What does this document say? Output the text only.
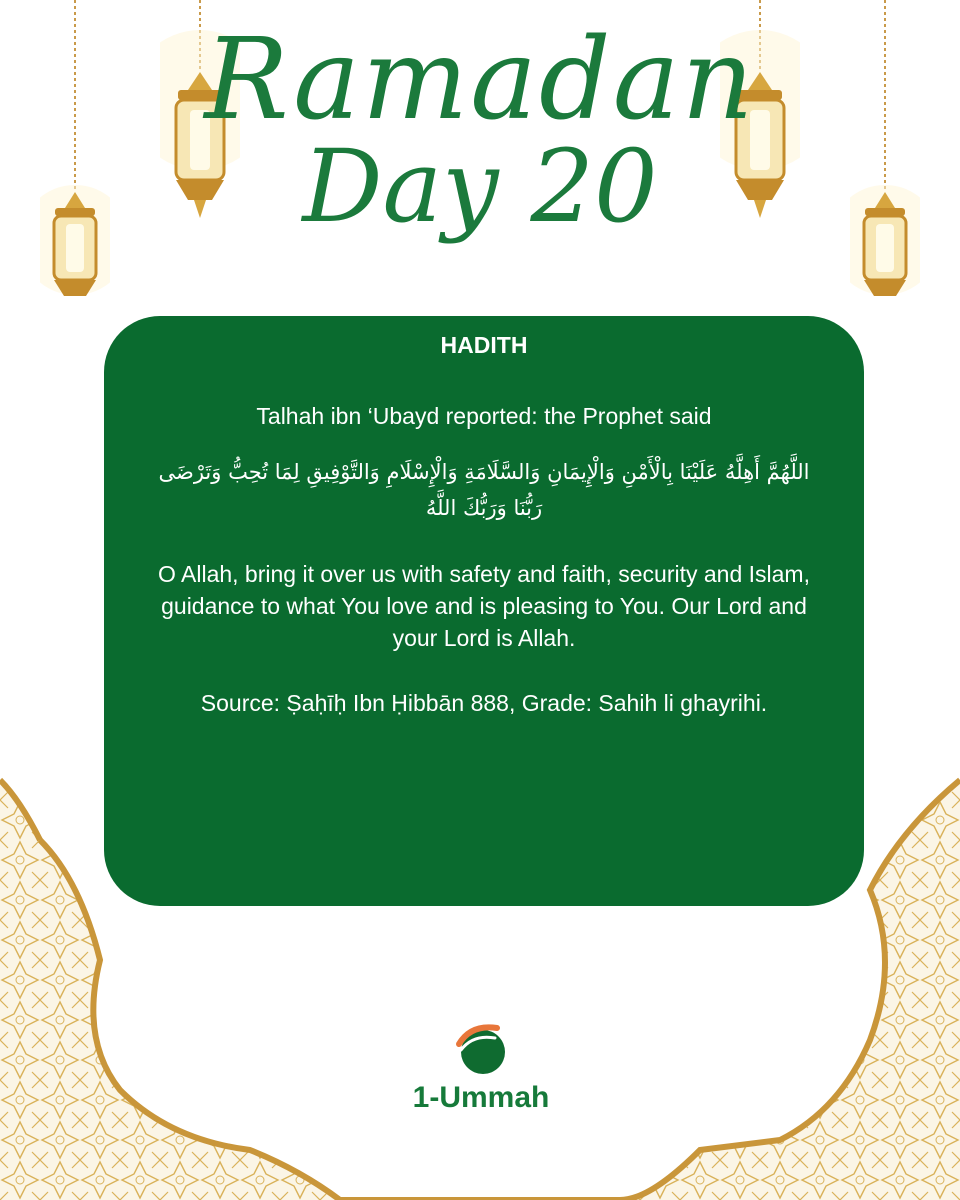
Ramadan
Day 20
HADITH
Talhah ibn ‘Ubayd reported: the Prophet said
اللَّهُمَّ أَهِلَّهُ عَلَيْنَا بِالْأَمْنِ وَالْإِيمَانِ وَالسَّلَامَةِ وَالْإِسْلَامِ وَالتَّوْفِيقِ لِمَا تُحِبُّ وَتَرْضَى رَبُّنَا وَرَبُّكَ اللَّهُ
O Allah, bring it over us with safety and faith, security and Islam, guidance to what You love and is pleasing to You. Our Lord and your Lord is Allah.
Source: Ṣaḥīḥ Ibn Ḥibbān 888, Grade: Sahih li ghayrihi.
1-Ummah
